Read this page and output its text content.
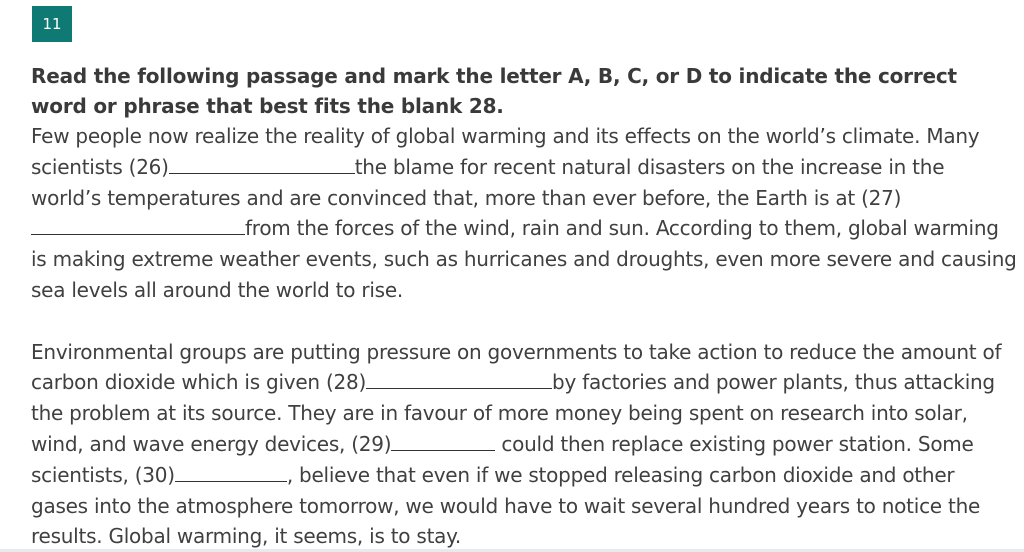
11
Read the following passage and mark the letter A, B, C, or D to indicate the correct word or phrase that best fits the blank 28.

Few people now realize the reality of global warming and its effects on the world’s climate. Many scientists (26)	the blame for recent natural disasters on the increase in the world’s temperatures and are convinced that, more than ever before, the Earth is at (27)from the forces of the wind, rain and sun. According to them, global warming is making extreme weather events, such as hurricanes and droughts, even more severe and causing sea levels all around the world to rise.

Environmental groups are putting pressure on governments to take action to reduce the amount of carbon dioxide which is given (28)	by factories and power plants, thus attacking the problem at its source. They are in favour of more money being spent on research into solar, wind, and wave energy devices, (29)	could then replace existing power station. Some scientists, (30)	, believe that even if we stopped releasing carbon dioxide and other gases into the atmosphere tomorrow, we would have to wait several hundred years to notice the results. Global warming, it seems, is to stay.
